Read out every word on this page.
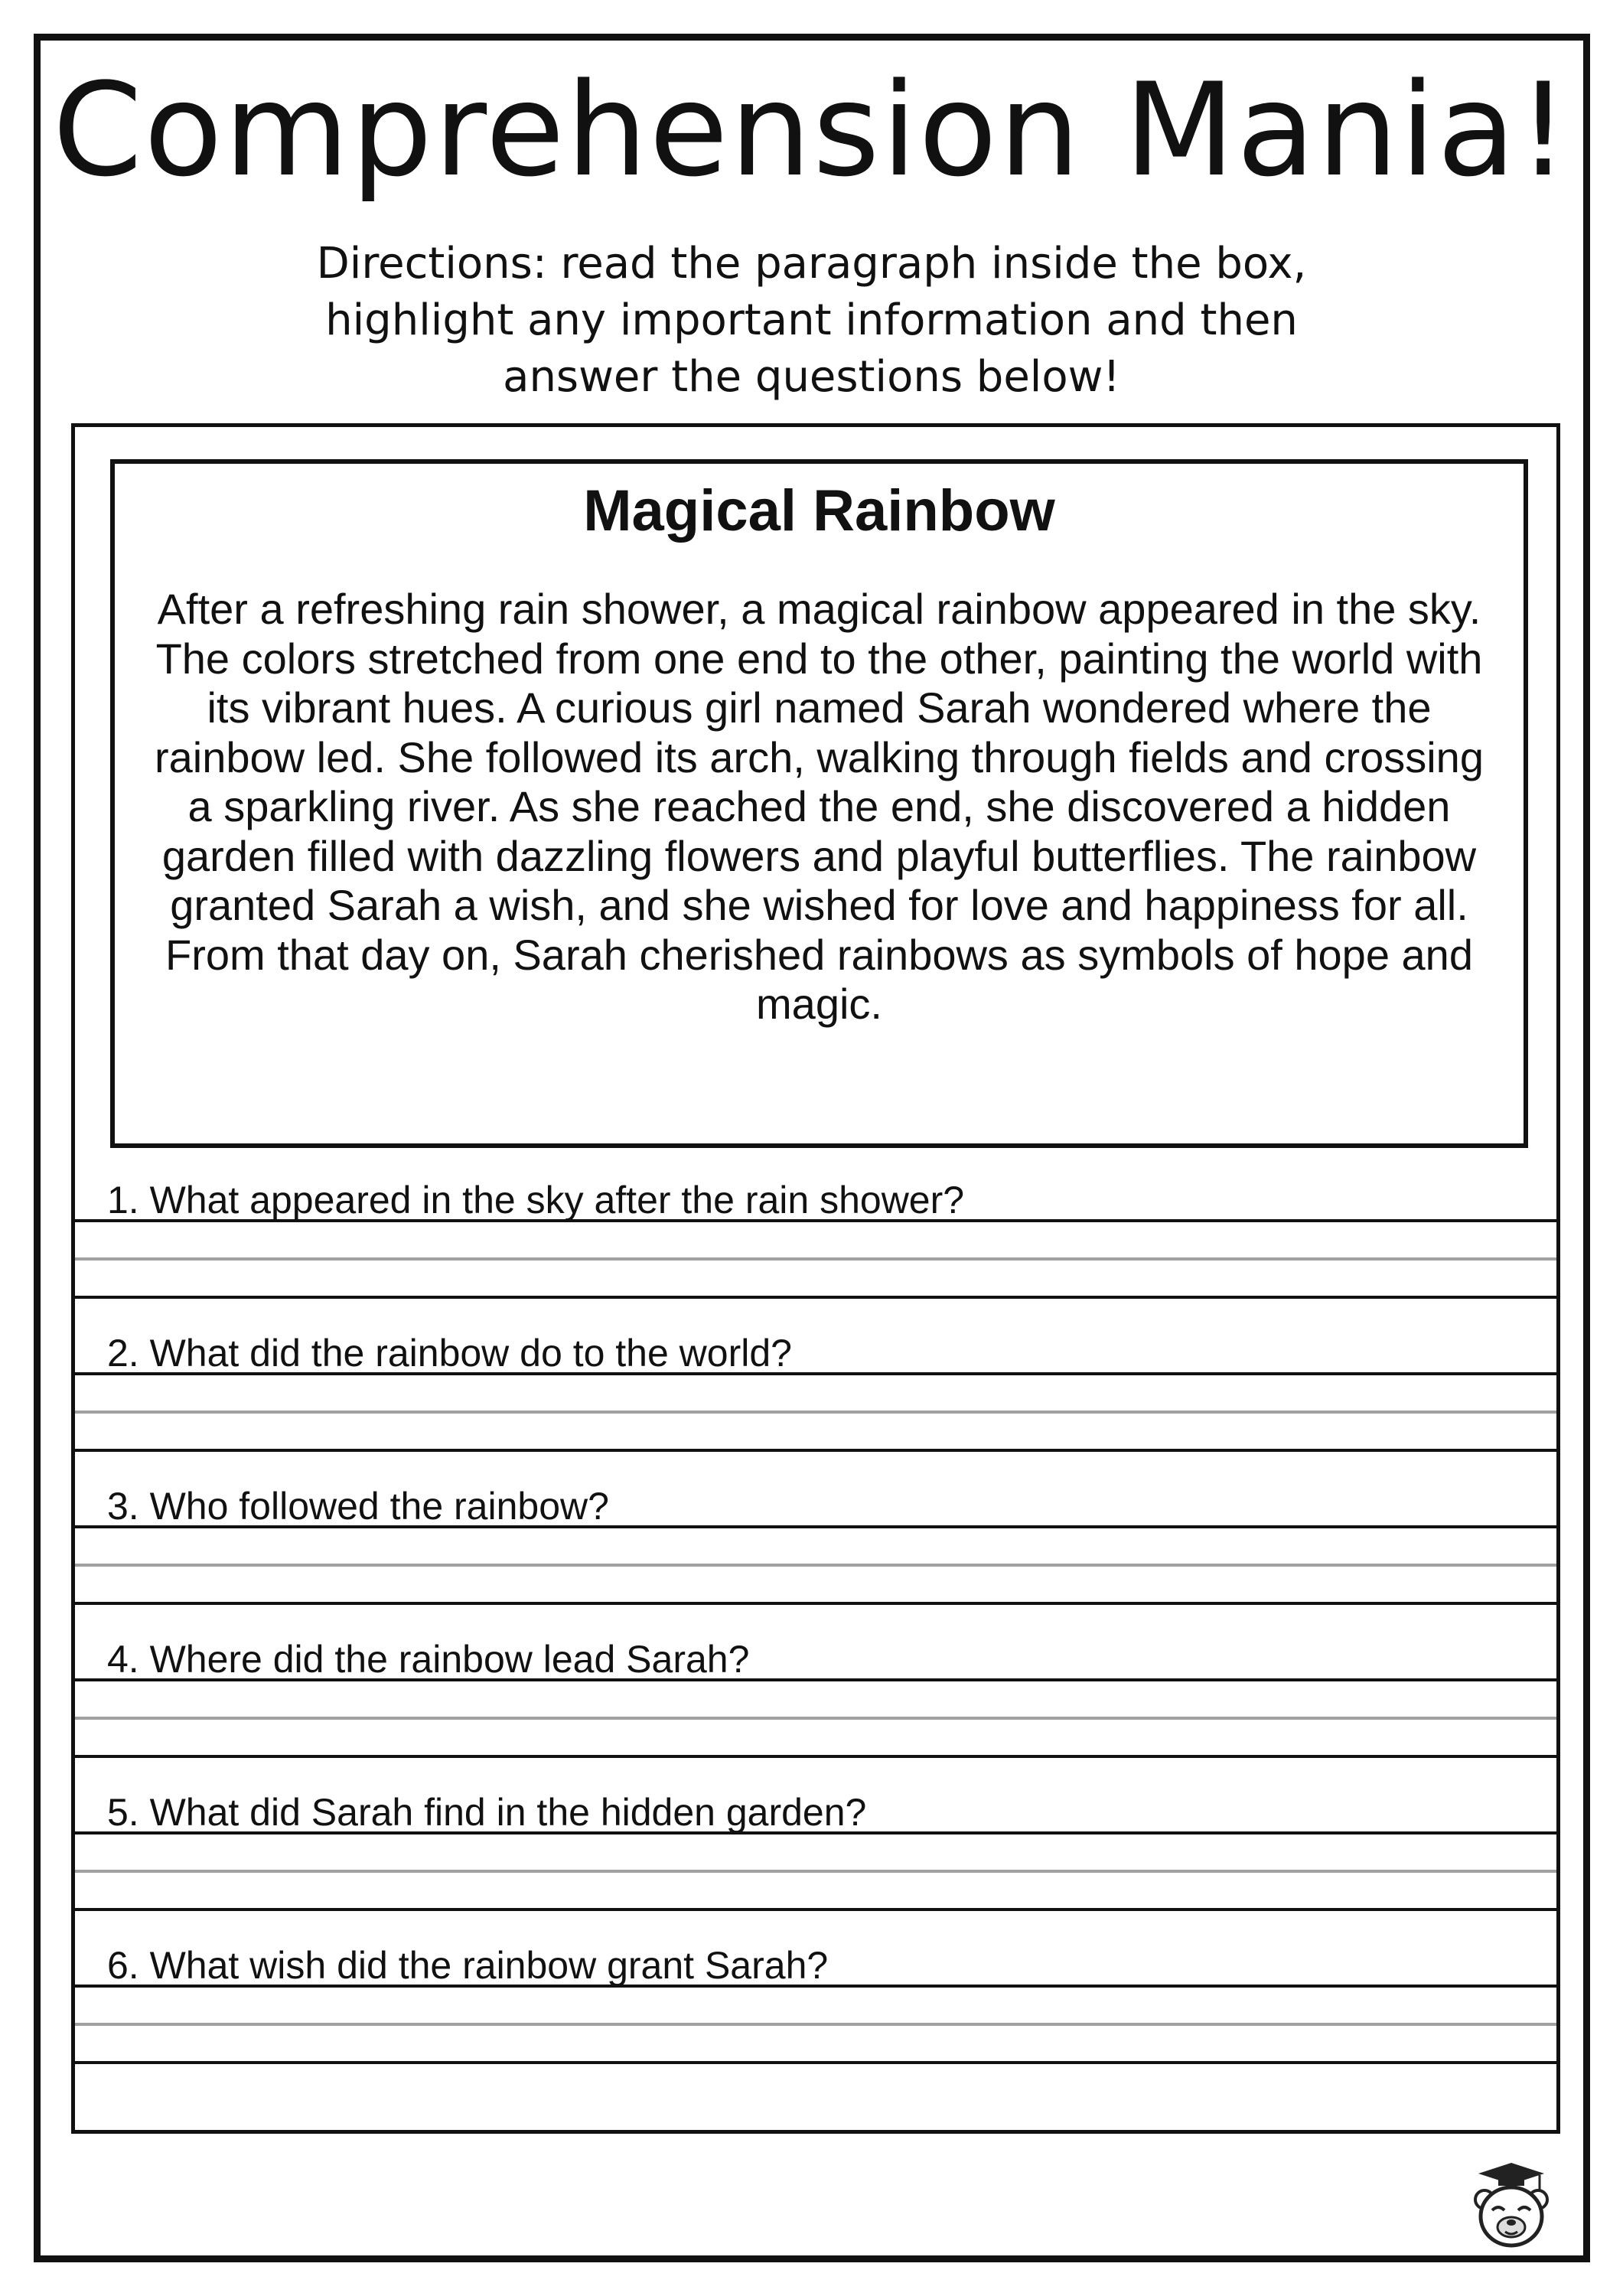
Comprehension Mania!

Directions: read the paragraph inside the box, highlight any important information and then answer the questions below!

Magical Rainbow

After a refreshing rain shower, a magical rainbow appeared in the sky. The colors stretched from one end to the other, painting the world with its vibrant hues. A curious girl named Sarah wondered where the rainbow led. She followed its arch, walking through fields and crossing a sparkling river. As she reached the end, she discovered a hidden garden filled with dazzling flowers and playful butterflies. The rainbow granted Sarah a wish, and she wished for love and happiness for all. From that day on, Sarah cherished rainbows as symbols of hope and magic.

1. What appeared in the sky after the rain shower?

2. What did the rainbow do to the world?

3. Who followed the rainbow?

4. Where did the rainbow lead Sarah?

5. What did Sarah find in the hidden garden?

6. What wish did the rainbow grant Sarah?
